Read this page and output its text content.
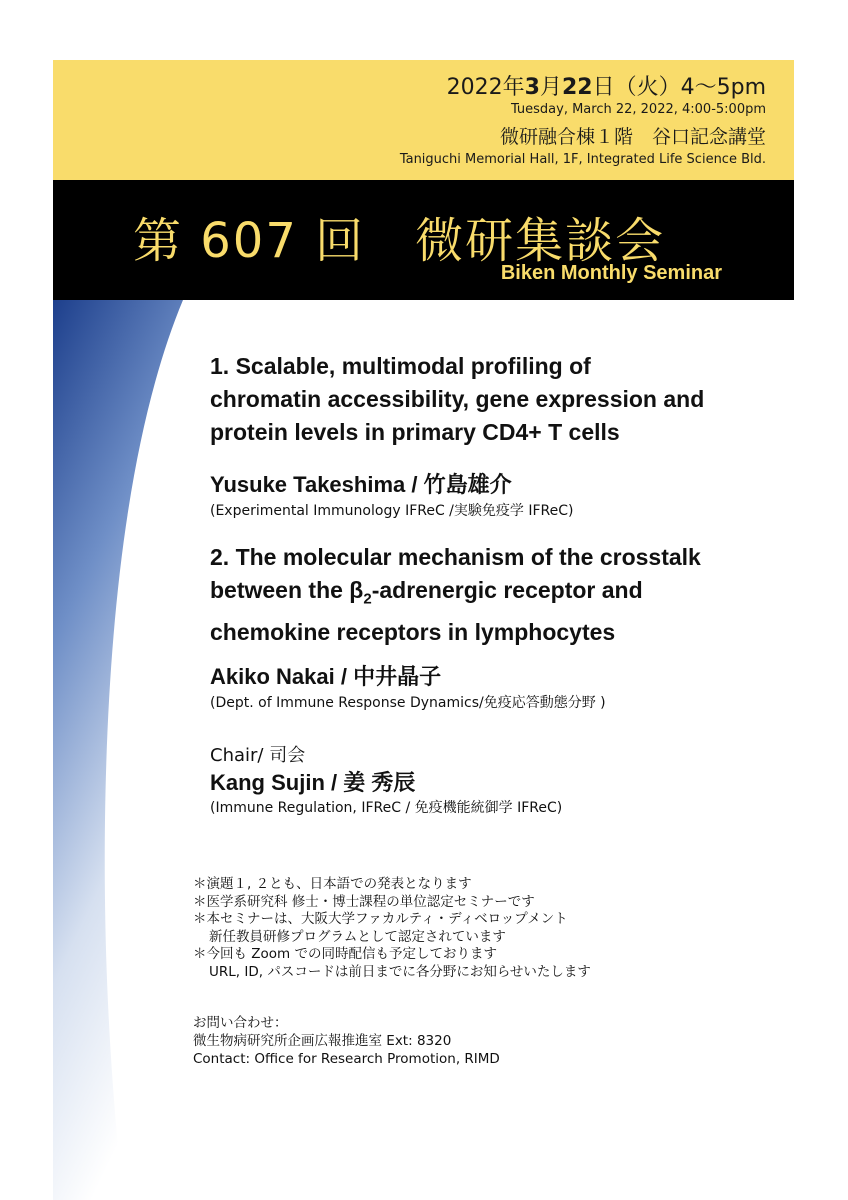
2022年3月22日（火）4〜5pm
Tuesday, March 22, 2022, 4:00-5:00pm
微研融合棟１階　谷口記念講堂
Taniguchi Memorial Hall, 1F, Integrated Life Science Bld.
第 607 回　微研集談会
Biken Monthly Seminar
1. Scalable, multimodal profiling of
chromatin accessibility, gene expression and
protein levels in primary CD4+ T cells
Yusuke Takeshima / 竹島雄介
(Experimental Immunology IFReC /実験免疫学 IFReC)
2. The molecular mechanism of the crosstalk
between the $\beta_2$-adrenergic receptor and
chemokine receptors in lymphocytes
Akiko Nakai / 中井晶子
(Dept. of Immune Response Dynamics/免疫応答動態分野 )
Chair/ 司会
Kang Sujin / 姜 秀辰
(Immune Regulation, IFReC / 免疫機能統御学 IFReC)
＊演題１, ２とも、日本語での発表となります
＊医学系研究科 修士・博士課程の単位認定セミナーです
＊本セミナーは、大阪大学ファカルティ・ディベロップメント
新任教員研修プログラムとして認定されています
＊今回も Zoom での同時配信も予定しております
URL, ID, パスコードは前日までに各分野にお知らせいたします
お問い合わせ：
微生物病研究所企画広報推進室 Ext: 8320
Contact: Office for Research Promotion, RIMD
